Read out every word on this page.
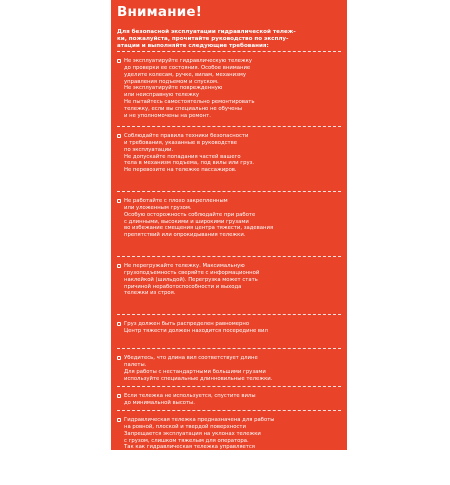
Внимание!
Для безопасной эксплуатации гидравлической тележ-
ки, пожалуйста, прочитайте руководство по эксплу-
атации и выполняйте следующие требования:
Не эксплуатируйте гидравлическую тележку
до проверки ее состояния. Особое внимание
уделите колесам, ручке, вилам, механизму
управления подъемом и спуском.
Не эксплуатируйте поврежденную
или неисправную тележку
Не пытайтесь самостоятельно ремонтировать
тележку, если вы специально не обучены
и не уполномочены на ремонт.
Соблюдайте правила техники безопасности
и требования, указанные в руководстве
по эксплуатации.
Не допускайте попадания частей вашего
тела в механизм подъема, под вилы или груз.
Не перевозите на тележке пассажиров.
Не работайте с плохо закрепленным
или уложенным грузом.
Особую осторожность соблюдайте при работе
с длинными, высокими и широкими грузами
во избежание смещения центра тяжести, задевания
препятствий или опрокидывания тележки.
Не перегружайте тележку. Максимальную
грузоподъемность сверяйте с информационной
наклейкой (шильдой). Перегрузка может стать
причиной неработоспособности и выхода
тележки из строя.
Груз должен быть распределен равномерно
Центр тяжести должен находится посередине вил
Убедитесь, что длина вил соответствует длине
палеты.
Для работы с нестандартными большими грузами
используйте специальные длинновильные тележки.
Если тележка не используется, спустите вилы
до минимальной высоты.
Гидравлическая тележка предназначена для работы
на ровной, плоской и твердой поверхности
Запрещается эксплуатация на уклонах тележки
с грузом, слишком тяжелым для оператора.
Так как гидравлическая тележка управляется
вручную, оператор должен быть физически способен
работать с нагруженной тележкой.
При необходимости тележка может быть аварийно
остановлена методом полного опускания груза
до земли.
